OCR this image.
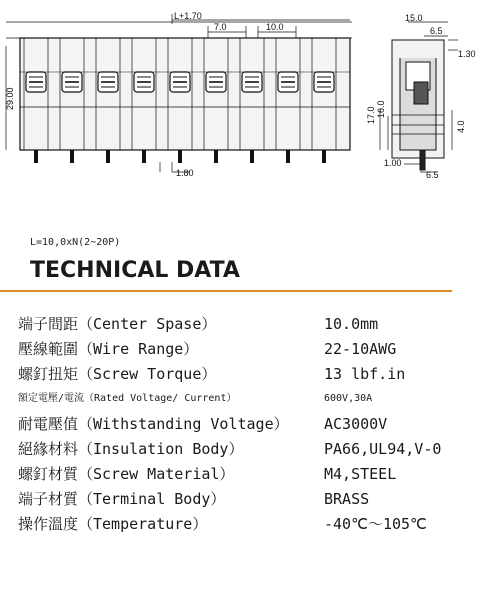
L+1.70
7.0	10.0
29.00
1.80
15.0
6.5
1.30
17.0 16.0
4.0
1.00
6.5
L=10,0xN(2~20P)
TECHNICAL DATA
端子間距（Center Spase）	10.0mm
壓線範圍（Wire Range）	22-10AWG
螺釘扭矩（Screw Torque）	13 lbf.in
額定電壓/電流（Rated Voltage/ Current）	600V,30A
耐電壓值（Withstanding Voltage） AC3000V
絕緣材料（Insulation Body）	PA66,UL94,V-0
螺釘材質（Screw Material）	M4,STEEL
端子材質（Terminal Body）	BRASS
操作溫度（Temperature）	-40℃～105℃
